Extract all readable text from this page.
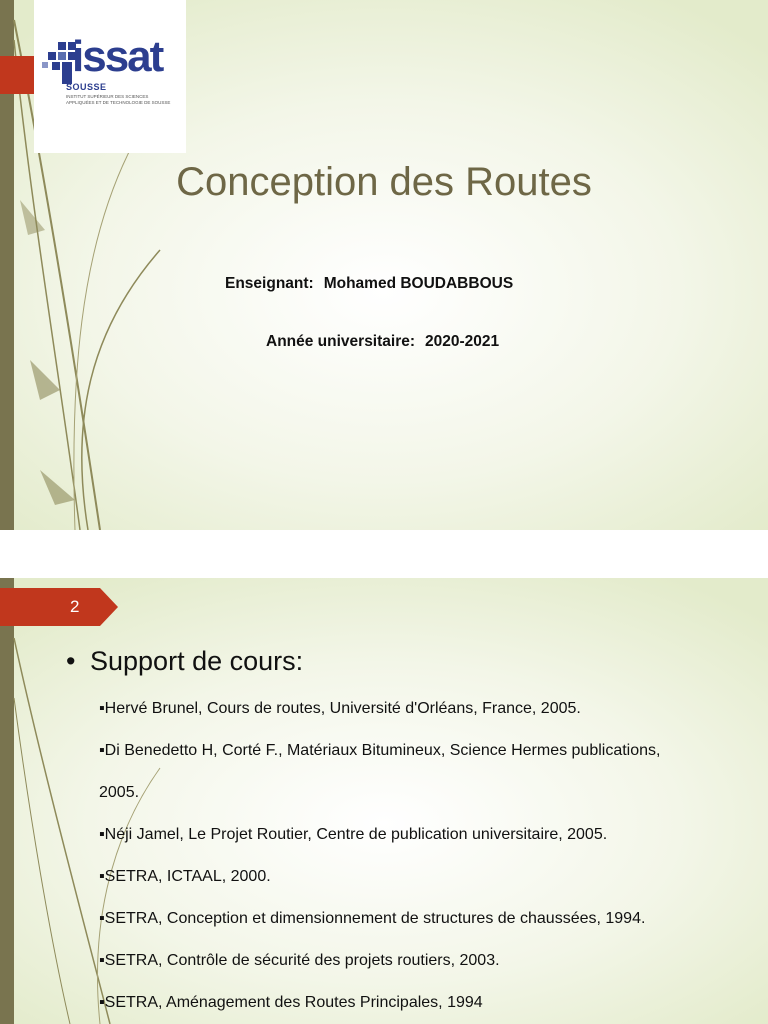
issat
SOUSSE
INSTITUT SUPÉRIEUR DES SCIENCES APPLIQUÉES ET DE TECHNOLOGIE DE SOUSSE
Conception des Routes
Enseignant: Mohamed BOUDABBOUS
Année universitaire: 2020-2021
2
• Support de cours:
▪Hervé Brunel, Cours de routes, Université d'Orléans, France, 2005.
▪Di Benedetto H, Corté F., Matériaux Bitumineux, Science Hermes publications,
2005.
▪Néji Jamel, Le Projet Routier, Centre de publication universitaire, 2005.
▪SETRA, ICTAAL, 2000.
▪SETRA, Conception et dimensionnement de structures de chaussées, 1994.
▪SETRA, Contrôle de sécurité des projets routiers, 2003.
▪SETRA, Aménagement des Routes Principales, 1994
